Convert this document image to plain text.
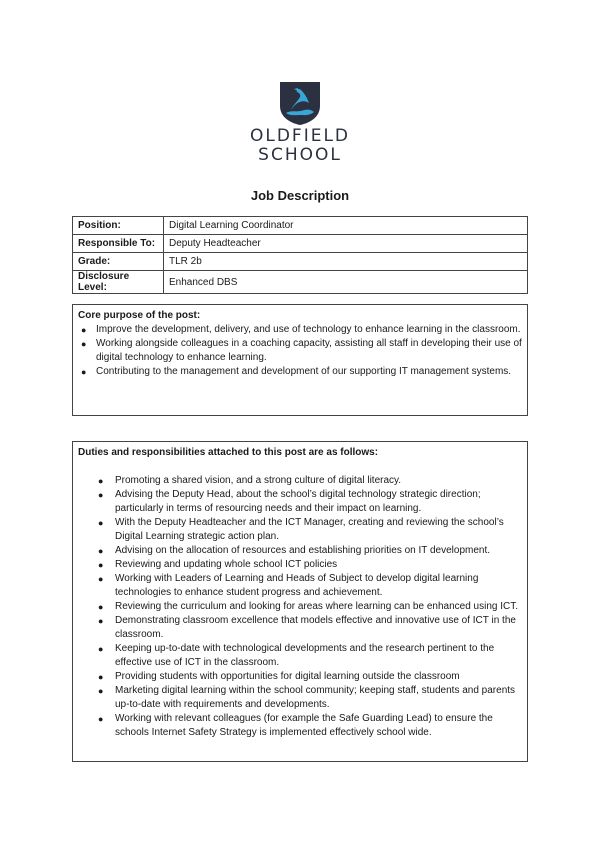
OLDFIELD
SCHOOL
Job Description
Position:	Digital Learning Coordinator
Responsible To:	Deputy Headteacher
Grade:	TLR 2b
Disclosure Level:	Enhanced DBS
Core purpose of the post:
● Improve the development, delivery, and use of technology to enhance learning in the classroom.
● Working alongside colleagues in a coaching capacity, assisting all staff in developing their use of digital technology to enhance learning.
● Contributing to the management and development of our supporting IT management systems.
Duties and responsibilities attached to this post are as follows:
● Promoting a shared vision, and a strong culture of digital literacy.
● Advising the Deputy Head, about the school’s digital technology strategic direction; particularly in terms of resourcing needs and their impact on learning.
● With the Deputy Headteacher and the ICT Manager, creating and reviewing the school’s Digital Learning strategic action plan.
● Advising on the allocation of resources and establishing priorities on IT development.
● Reviewing and updating whole school ICT policies
● Working with Leaders of Learning and Heads of Subject to develop digital learning technologies to enhance student progress and achievement.
● Reviewing the curriculum and looking for areas where learning can be enhanced using ICT.
● Demonstrating classroom excellence that models effective and innovative use of ICT in the classroom.
● Keeping up-to-date with technological developments and the research pertinent to the effective use of ICT in the classroom.
● Providing students with opportunities for digital learning outside the classroom
● Marketing digital learning within the school community; keeping staff, students and parents up-to-date with requirements and developments.
● Working with relevant colleagues (for example the Safe Guarding Lead) to ensure the schools Internet Safety Strategy is implemented effectively school wide.
